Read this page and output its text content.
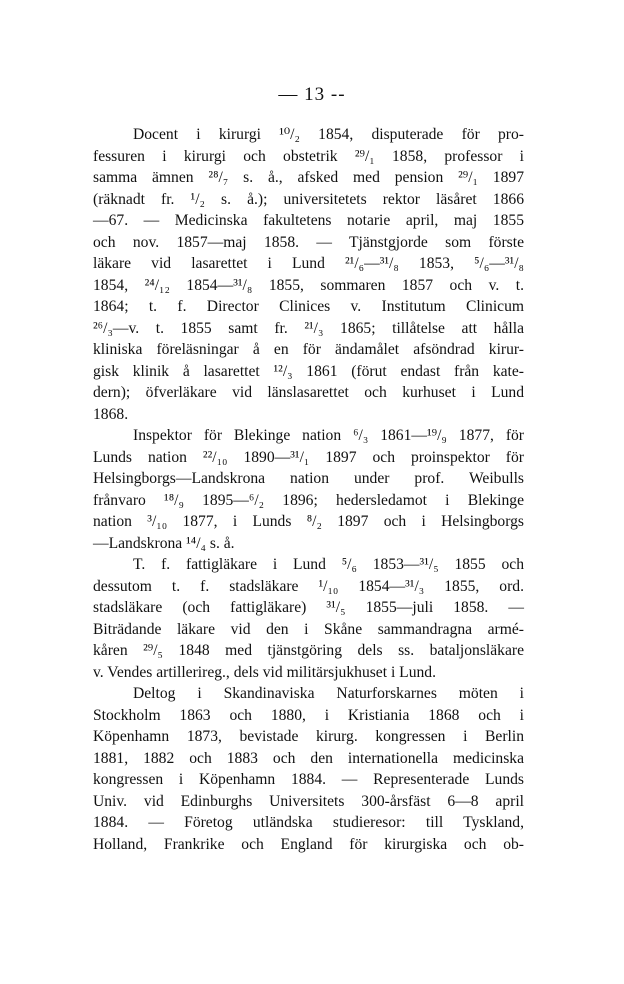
— 13 --
Docent i kirurgi ¹⁰/₂ 1854, disputerade för pro-
fessuren i kirurgi och obstetrik ²⁹/₁ 1858, professor i
samma ämnen ²⁸/₇ s. å., afsked med pension ²⁹/₁ 1897
(räknadt fr. ¹/₂ s. å.); universitetets rektor läsåret 1866
—67. — Medicinska fakultetens notarie april, maj 1855
och nov. 1857—maj 1858. — Tjänstgjorde som förste
läkare vid lasarettet i Lund ²¹/₆—³¹/₈ 1853, ⁵/₆—³¹/₈
1854, ²⁴/₁₂ 1854—³¹/₈ 1855, sommaren 1857 och v. t.
1864; t. f. Director Clinices v. Institutum Clinicum
²⁶/₃—v. t. 1855 samt fr. ²¹/₃ 1865; tillåtelse att hålla
kliniska föreläsningar å en för ändamålet afsöndrad kirur-
gisk klinik å lasarettet ¹²/₃ 1861 (förut endast från kate-
dern); öfverläkare vid länslasarettet och kurhuset i Lund
1868.
Inspektor för Blekinge nation ⁶/₃ 1861—¹⁹/₉ 1877, för
Lunds nation ²²/₁₀ 1890—³¹/₁ 1897 och proinspektor för
Helsingborgs—Landskrona nation under prof. Weibulls
frånvaro ¹⁸/₉ 1895—⁶/₂ 1896; hedersledamot i Blekinge
nation ³/₁₀ 1877, i Lunds ⁸/₂ 1897 och i Helsingborgs
—Landskrona ¹⁴/₄ s. å.
T. f. fattigläkare i Lund ⁵/₆ 1853—³¹/₅ 1855 och
dessutom t. f. stadsläkare ¹/₁₀ 1854—³¹/₃ 1855, ord.
stadsläkare (och fattigläkare) ³¹/₅ 1855—juli 1858. —
Biträdande läkare vid den i Skåne sammandragna armé-
kåren ²⁹/₅ 1848 med tjänstgöring dels ss. bataljonsläkare
v. Vendes artillerireg., dels vid militärsjukhuset i Lund.
Deltog i Skandinaviska Naturforskarnes möten i
Stockholm 1863 och 1880, i Kristiania 1868 och i
Köpenhamn 1873, bevistade kirurg. kongressen i Berlin
1881, 1882 och 1883 och den internationella medicinska
kongressen i Köpenhamn 1884. — Representerade Lunds
Univ. vid Edinburghs Universitets 300-årsfäst 6—8 april
1884. — Företog utländska studieresor: till Tyskland,
Holland, Frankrike och England för kirurgiska och ob-
